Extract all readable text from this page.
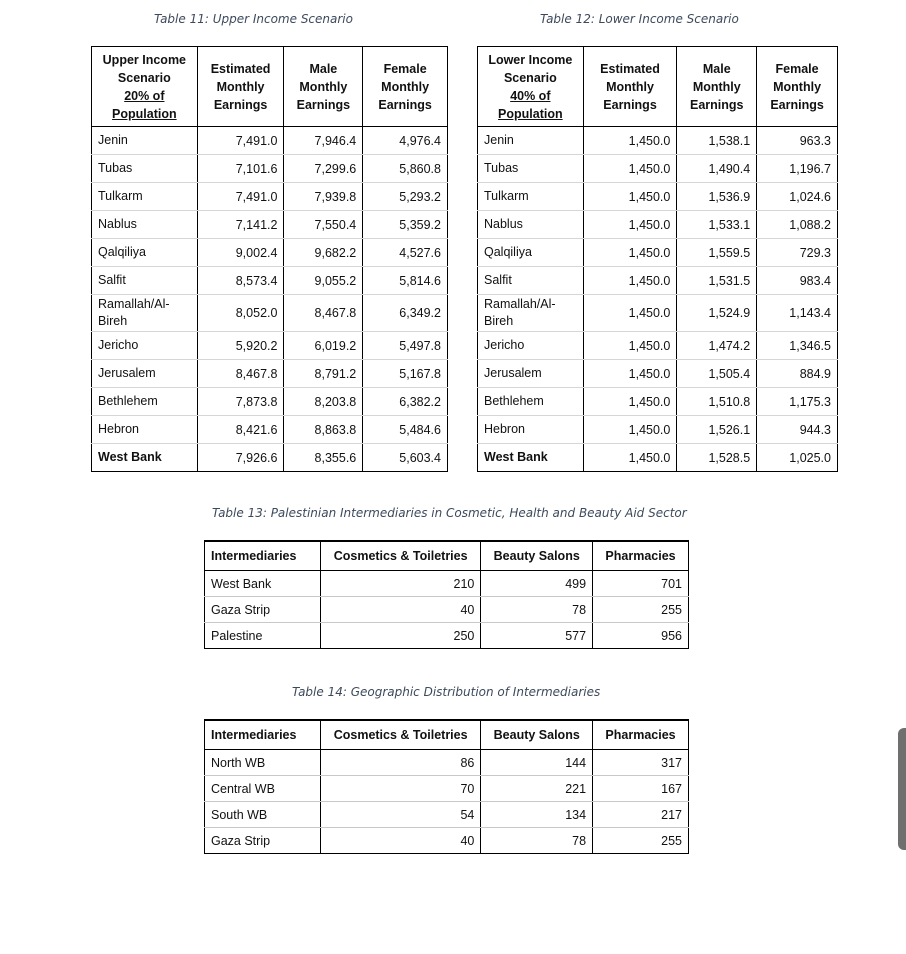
Table 11: Upper Income Scenario	Table 12: Lower Income Scenario
Table 13: Palestinian Intermediaries in Cosmetic, Health and Beauty Aid Sector
Table 14: Geographic Distribution of Intermediaries
Upper Income
Scenario
20% of
Population	Estimated
Monthly
Earnings	Male
Monthly
Earnings	Female
Monthly
Earnings
Jenin	7,491.0	7,946.4	4,976.4
Tubas	7,101.6	7,299.6	5,860.8
Tulkarm	7,491.0	7,939.8	5,293.2
Nablus	7,141.2	7,550.4	5,359.2
Qalqiliya	9,002.4	9,682.2	4,527.6
Salfit	8,573.4	9,055.2	5,814.6
Ramallah/Al-
Bireh	8,052.0	8,467.8	6,349.2
Jericho	5,920.2	6,019.2	5,497.8
Jerusalem	8,467.8	8,791.2	5,167.8
Bethlehem	7,873.8	8,203.8	6,382.2
Hebron	8,421.6	8,863.8	5,484.6
West Bank	7,926.6	8,355.6	5,603.4
Lower Income
Scenario
40% of
Population	Estimated
Monthly
Earnings	Male
Monthly
Earnings	Female
Monthly
Earnings
Jenin	1,450.0	1,538.1	963.3
Tubas	1,450.0	1,490.4	1,196.7
Tulkarm	1,450.0	1,536.9	1,024.6
Nablus	1,450.0	1,533.1	1,088.2
Qalqiliya	1,450.0	1,559.5	729.3
Salfit	1,450.0	1,531.5	983.4
Ramallah/Al-
Bireh	1,450.0	1,524.9	1,143.4
Jericho	1,450.0	1,474.2	1,346.5
Jerusalem	1,450.0	1,505.4	884.9
Bethlehem	1,450.0	1,510.8	1,175.3
Hebron	1,450.0	1,526.1	944.3
West Bank	1,450.0	1,528.5	1,025.0
Intermediaries	Cosmetics & Toiletries	Beauty Salons	Pharmacies
West Bank	210	499	701
Gaza Strip	40	78	255
Palestine	250	577	956
Intermediaries	Cosmetics & Toiletries	Beauty Salons	Pharmacies
North WB	86	144	317
Central WB	70	221	167
South WB	54	134	217
Gaza Strip	40	78	255
